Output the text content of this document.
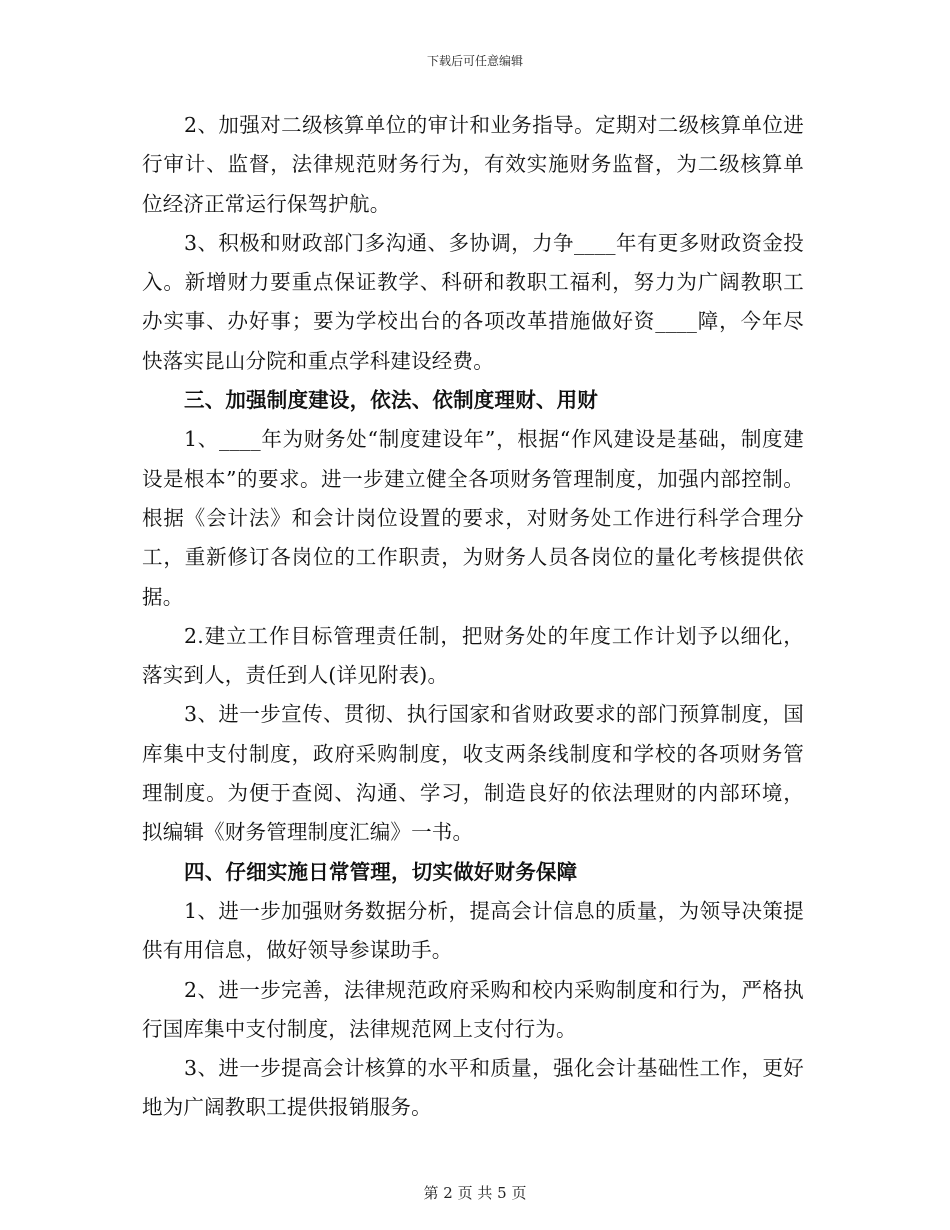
下载后可任意编辑

2、加强对二级核算单位的审计和业务指导。定期对二级核算单位进行审计、监督，法律规范财务行为，有效实施财务监督，为二级核算单位经济正常运行保驾护航。

3、积极和财政部门多沟通、多协调，力争____年有更多财政资金投入。新增财力要重点保证教学、科研和教职工福利，努力为广阔教职工办实事、办好事；要为学校出台的各项改革措施做好资____障，今年尽快落实昆山分院和重点学科建设经费。

三、加强制度建设，依法、依制度理财、用财

1、____年为财务处“制度建设年”，根据“作风建设是基础，制度建设是根本”的要求。进一步建立健全各项财务管理制度，加强内部控制。根据《会计法》和会计岗位设置的要求，对财务处工作进行科学合理分工，重新修订各岗位的工作职责，为财务人员各岗位的量化考核提供依据。

2.建立工作目标管理责任制，把财务处的年度工作计划予以细化，落实到人，责任到人(详见附表)。

3、进一步宣传、贯彻、执行国家和省财政要求的部门预算制度，国库集中支付制度，政府采购制度，收支两条线制度和学校的各项财务管理制度。为便于查阅、沟通、学习，制造良好的依法理财的内部环境，拟编辑《财务管理制度汇编》一书。

四、仔细实施日常管理，切实做好财务保障

1、进一步加强财务数据分析，提高会计信息的质量，为领导决策提供有用信息，做好领导参谋助手。

2、进一步完善，法律规范政府采购和校内采购制度和行为，严格执行国库集中支付制度，法律规范网上支付行为。

3、进一步提高会计核算的水平和质量，强化会计基础性工作，更好地为广阔教职工提供报销服务。

第 2 页 共 5 页
